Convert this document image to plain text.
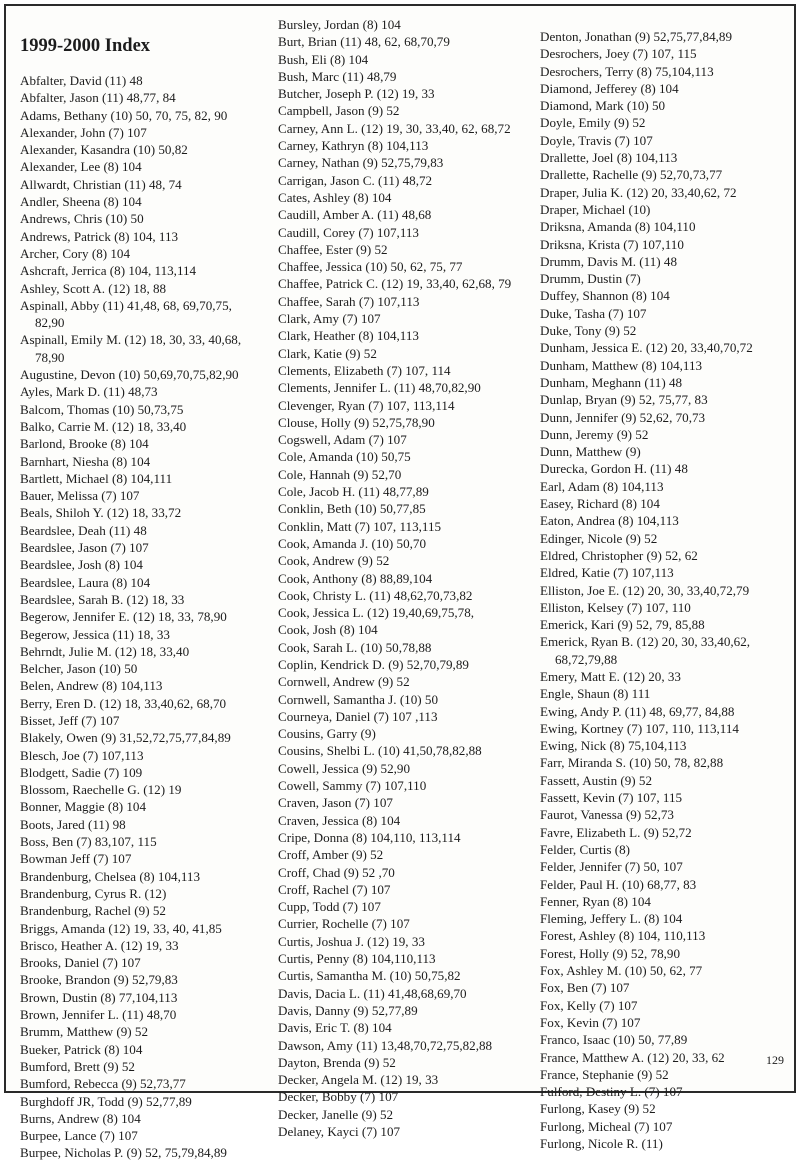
1999-2000 Index
Abfalter, David (11) 48
Abfalter, Jason (11) 48,77, 84
Adams, Bethany (10) 50, 70, 75, 82, 90
Alexander, John (7) 107
Alexander, Kasandra (10) 50,82
Alexander, Lee (8) 104
Allwardt, Christian (11) 48, 74
Andler, Sheena (8) 104
Andrews, Chris (10) 50
Andrews, Patrick (8) 104, 113
Archer, Cory (8) 104
Ashcraft, Jerrica (8) 104, 113,114
Ashley, Scott A. (12) 18, 88
Aspinall, Abby (11) 41,48, 68, 69,70,75,
82,90
Aspinall, Emily M. (12) 18, 30, 33, 40,68,
78,90
Augustine, Devon (10) 50,69,70,75,82,90
Ayles, Mark D. (11) 48,73
Balcom, Thomas (10) 50,73,75
Balko, Carrie M. (12) 18, 33,40
Barlond, Brooke (8) 104
Barnhart, Niesha (8) 104
Bartlett, Michael (8) 104,111
Bauer, Melissa (7) 107
Beals, Shiloh Y. (12) 18, 33,72
Beardslee, Deah (11) 48
Beardslee, Jason (7) 107
Beardslee, Josh (8) 104
Beardslee, Laura (8) 104
Beardslee, Sarah B. (12) 18, 33
Begerow, Jennifer E. (12) 18, 33, 78,90
Begerow, Jessica (11) 18, 33
Behrndt, Julie M. (12) 18, 33,40
Belcher, Jason (10) 50
Belen, Andrew (8) 104,113
Berry, Eren D. (12) 18, 33,40,62, 68,70
Bisset, Jeff (7) 107
Blakely, Owen (9) 31,52,72,75,77,84,89
Blesch, Joe (7) 107,113
Blodgett, Sadie (7) 109
Blossom, Raechelle G. (12) 19
Bonner, Maggie (8) 104
Boots, Jared (11) 98
Boss, Ben (7) 83,107, 115
Bowman Jeff (7) 107
Brandenburg, Chelsea (8) 104,113
Brandenburg, Cyrus R. (12)
Brandenburg, Rachel (9) 52
Briggs, Amanda (12) 19, 33, 40, 41,85
Brisco, Heather A. (12) 19, 33
Brooks, Daniel (7) 107
Brooke, Brandon (9) 52,79,83
Brown, Dustin (8) 77,104,113
Brown, Jennifer L. (11) 48,70
Brumm, Matthew (9) 52
Bueker, Patrick (8) 104
Bumford, Brett (9) 52
Bumford, Rebecca (9) 52,73,77
Burghdoff JR, Todd (9) 52,77,89
Burns, Andrew (8) 104
Burpee, Lance (7) 107
Burpee, Nicholas P. (9) 52, 75,79,84,89
Bursley, Jordan (8) 104
Burt, Brian (11) 48, 62, 68,70,79
Bush, Eli (8) 104
Bush, Marc (11) 48,79
Butcher, Joseph P. (12) 19, 33
Campbell, Jason (9) 52
Carney, Ann L. (12) 19, 30, 33,40, 62, 68,72
Carney, Kathryn (8) 104,113
Carney, Nathan (9) 52,75,79,83
Carrigan, Jason C. (11) 48,72
Cates, Ashley (8) 104
Caudill, Amber A. (11) 48,68
Caudill, Corey (7) 107,113
Chaffee, Ester (9) 52
Chaffee, Jessica (10) 50, 62, 75, 77
Chaffee, Patrick C. (12) 19, 33,40, 62,68, 79
Chaffee, Sarah (7) 107,113
Clark, Amy (7) 107
Clark, Heather (8) 104,113
Clark, Katie (9) 52
Clements, Elizabeth (7) 107, 114
Clements, Jennifer L. (11) 48,70,82,90
Clevenger, Ryan (7) 107, 113,114
Clouse, Holly (9) 52,75,78,90
Cogswell, Adam (7) 107
Cole, Amanda (10) 50,75
Cole, Hannah (9) 52,70
Cole, Jacob H. (11) 48,77,89
Conklin, Beth (10) 50,77,85
Conklin, Matt (7) 107, 113,115
Cook, Amanda J. (10) 50,70
Cook, Andrew (9) 52
Cook, Anthony (8) 88,89,104
Cook, Christy L. (11) 48,62,70,73,82
Cook, Jessica L. (12) 19,40,69,75,78,
Cook, Josh (8) 104
Cook, Sarah L. (10) 50,78,88
Coplin, Kendrick D. (9) 52,70,79,89
Cornwell, Andrew (9) 52
Cornwell, Samantha J. (10) 50
Courneya, Daniel (7) 107 ,113
Cousins, Garry (9)
Cousins, Shelbi L. (10) 41,50,78,82,88
Cowell, Jessica (9) 52,90
Cowell, Sammy (7) 107,110
Craven, Jason (7) 107
Craven, Jessica (8) 104
Cripe, Donna (8) 104,110, 113,114
Croff, Amber (9) 52
Croff, Chad (9) 52 ,70
Croff, Rachel (7) 107
Cupp, Todd (7) 107
Currier, Rochelle (7) 107
Curtis, Joshua J. (12) 19, 33
Curtis, Penny (8) 104,110,113
Curtis, Samantha M. (10) 50,75,82
Davis, Dacia L. (11) 41,48,68,69,70
Davis, Danny (9) 52,77,89
Davis, Eric T. (8) 104
Dawson, Amy (11) 13,48,70,72,75,82,88
Dayton, Brenda (9) 52
Decker, Angela M. (12) 19, 33
Decker, Bobby (7) 107
Decker, Janelle (9) 52
Delaney, Kayci (7) 107
Denton, Jonathan (9) 52,75,77,84,89
Desrochers, Joey (7) 107, 115
Desrochers, Terry (8) 75,104,113
Diamond, Jefferey (8) 104
Diamond, Mark (10) 50
Doyle, Emily (9) 52
Doyle, Travis (7) 107
Drallette, Joel (8) 104,113
Drallette, Rachelle (9) 52,70,73,77
Draper, Julia K. (12) 20, 33,40,62, 72
Draper, Michael (10)
Driksna, Amanda (8) 104,110
Driksna, Krista (7) 107,110
Drumm, Davis M. (11) 48
Drumm, Dustin (7)
Duffey, Shannon (8) 104
Duke, Tasha (7) 107
Duke, Tony (9) 52
Dunham, Jessica E. (12) 20, 33,40,70,72
Dunham, Matthew (8) 104,113
Dunham, Meghann (11) 48
Dunlap, Bryan (9) 52, 75,77, 83
Dunn, Jennifer (9) 52,62, 70,73
Dunn, Jeremy (9) 52
Dunn, Matthew (9)
Durecka, Gordon H. (11) 48
Earl, Adam (8) 104,113
Easey, Richard (8) 104
Eaton, Andrea (8) 104,113
Edinger, Nicole (9) 52
Eldred, Christopher (9) 52, 62
Eldred, Katie (7) 107,113
Elliston, Joe E. (12) 20, 30, 33,40,72,79
Elliston, Kelsey (7) 107, 110
Emerick, Kari (9) 52, 79, 85,88
Emerick, Ryan B. (12) 20, 30, 33,40,62,
68,72,79,88
Emery, Matt E. (12) 20, 33
Engle, Shaun (8) 111
Ewing, Andy P. (11) 48, 69,77, 84,88
Ewing, Kortney (7) 107, 110, 113,114
Ewing, Nick (8) 75,104,113
Farr, Miranda S. (10) 50, 78, 82,88
Fassett, Austin (9) 52
Fassett, Kevin (7) 107, 115
Faurot, Vanessa (9) 52,73
Favre, Elizabeth L. (9) 52,72
Felder, Curtis (8)
Felder, Jennifer (7) 50, 107
Felder, Paul H. (10) 68,77, 83
Fenner, Ryan (8) 104
Fleming, Jeffery L. (8) 104
Forest, Ashley (8) 104, 110,113
Forest, Holly (9) 52, 78,90
Fox, Ashley M. (10) 50, 62, 77
Fox, Ben (7) 107
Fox, Kelly (7) 107
Fox, Kevin (7) 107
Franco, Isaac (10) 50, 77,89
France, Matthew A. (12) 20, 33, 62
France, Stephanie (9) 52
Fulford, Destiny L. (7) 107
Furlong, Kasey (9) 52
Furlong, Micheal (7) 107
Furlong, Nicole R. (11)
129
